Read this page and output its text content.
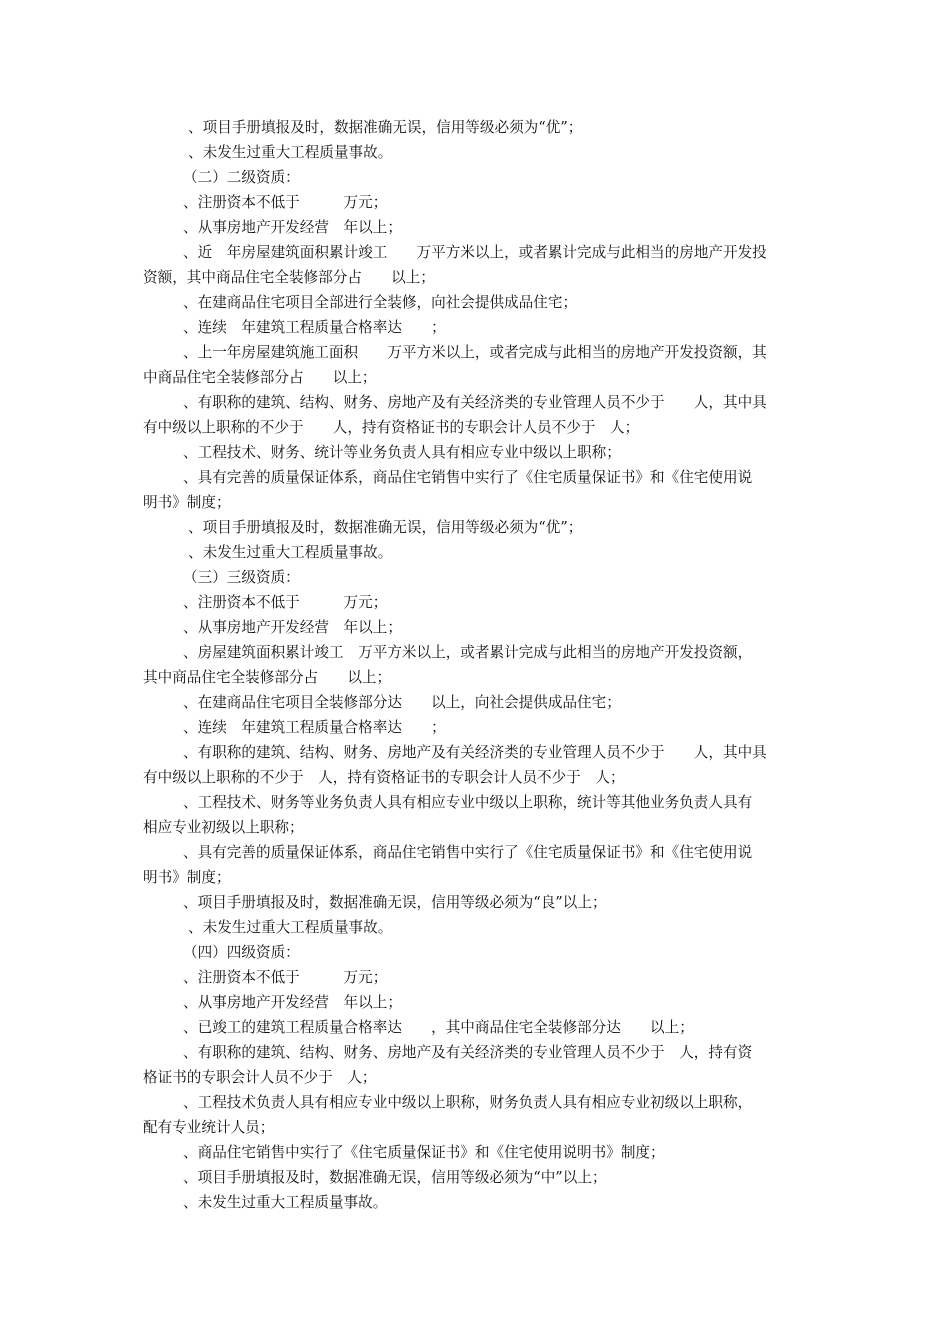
、项目手册填报及时，数据准确无误，信用等级必须为“优”；
、未发生过重大工程质量事故。
（二）二级资质：
、注册资本不低于　　　万元；
、从事房地产开发经营　年以上；
、近　年房屋建筑面积累计竣工　　万平方米以上，或者累计完成与此相当的房地产开发投
资额，其中商品住宅全装修部分占　　以上；
、在建商品住宅项目全部进行全装修，向社会提供成品住宅；
、连续　年建筑工程质量合格率达　　；
、上一年房屋建筑施工面积　　万平方米以上，或者完成与此相当的房地产开发投资额，其
中商品住宅全装修部分占　　以上；
、有职称的建筑、结构、财务、房地产及有关经济类的专业管理人员不少于　　人，其中具
有中级以上职称的不少于　　人，持有资格证书的专职会计人员不少于　人；
、工程技术、财务、统计等业务负责人具有相应专业中级以上职称；
、具有完善的质量保证体系，商品住宅销售中实行了《住宅质量保证书》和《住宅使用说
明书》制度；
、项目手册填报及时，数据准确无误，信用等级必须为“优”；
、未发生过重大工程质量事故。
（三）三级资质：
、注册资本不低于　　　万元；
、从事房地产开发经营　年以上；
、房屋建筑面积累计竣工　万平方米以上，或者累计完成与此相当的房地产开发投资额，
其中商品住宅全装修部分占　　以上；
、在建商品住宅项目全装修部分达　　以上，向社会提供成品住宅；
、连续　年建筑工程质量合格率达　　；
、有职称的建筑、结构、财务、房地产及有关经济类的专业管理人员不少于　　人，其中具
有中级以上职称的不少于　人，持有资格证书的专职会计人员不少于　人；
、工程技术、财务等业务负责人具有相应专业中级以上职称，统计等其他业务负责人具有
相应专业初级以上职称；
、具有完善的质量保证体系，商品住宅销售中实行了《住宅质量保证书》和《住宅使用说
明书》制度；
、项目手册填报及时，数据准确无误，信用等级必须为“良”以上；
、未发生过重大工程质量事故。
（四）四级资质：
、注册资本不低于　　　万元；
、从事房地产开发经营　年以上；
、已竣工的建筑工程质量合格率达　　，其中商品住宅全装修部分达　　以上；
、有职称的建筑、结构、财务、房地产及有关经济类的专业管理人员不少于　人，持有资
格证书的专职会计人员不少于　人；
、工程技术负责人具有相应专业中级以上职称，财务负责人具有相应专业初级以上职称，
配有专业统计人员；
、商品住宅销售中实行了《住宅质量保证书》和《住宅使用说明书》制度；
、项目手册填报及时，数据准确无误，信用等级必须为“中”以上；
、未发生过重大工程质量事故。
